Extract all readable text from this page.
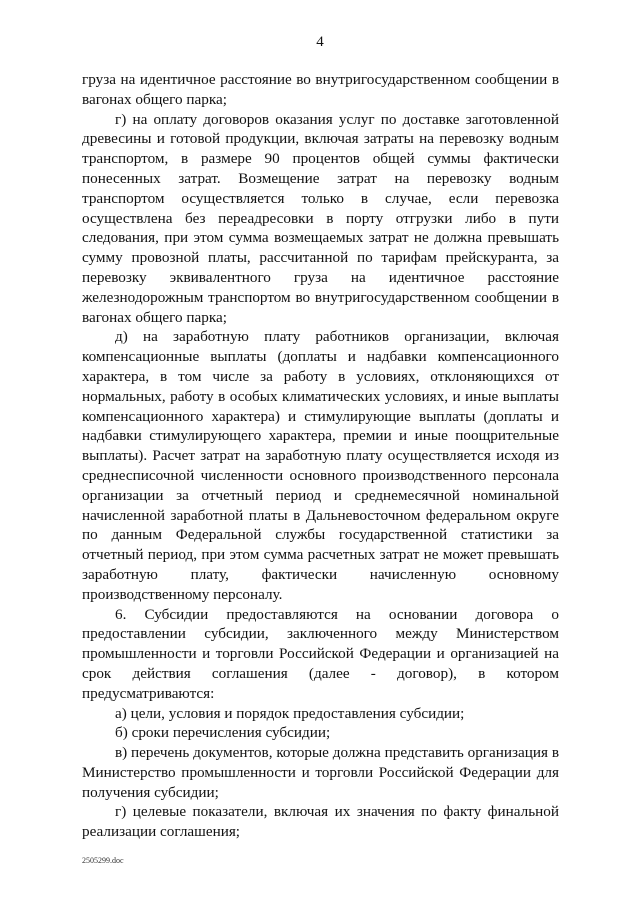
4

груза на идентичное расстояние во внутригосударственном сообщении в вагонах общего парка;

г) на оплату договоров оказания услуг по доставке заготовленной древесины и готовой продукции, включая затраты на перевозку водным транспортом, в размере 90 процентов общей суммы фактически понесенных затрат. Возмещение затрат на перевозку водным транспортом осуществляется только в случае, если перевозка осуществлена без переадресовки в порту отгрузки либо в пути следования, при этом сумма возмещаемых затрат не должна превышать сумму провозной платы, рассчитанной по тарифам прейскуранта, за перевозку эквивалентного груза на идентичное расстояние железнодорожным транспортом во внутригосударственном сообщении в вагонах общего парка;

д) на заработную плату работников организации, включая компенсационные выплаты (доплаты и надбавки компенсационного характера, в том числе за работу в условиях, отклоняющихся от нормальных, работу в особых климатических условиях, и иные выплаты компенсационного характера) и стимулирующие выплаты (доплаты и надбавки стимулирующего характера, премии и иные поощрительные выплаты). Расчет затрат на заработную плату осуществляется исходя из среднесписочной численности основного производственного персонала организации за отчетный период и среднемесячной номинальной начисленной заработной платы в Дальневосточном федеральном округе по данным Федеральной службы государственной статистики за отчетный период, при этом сумма расчетных затрат не может превышать заработную плату, фактически начисленную основному производственному персоналу.

6. Субсидии предоставляются на основании договора о предоставлении субсидии, заключенного между Министерством промышленности и торговли Российской Федерации и организацией на срок действия соглашения (далее - договор), в котором предусматриваются:

а) цели, условия и порядок предоставления субсидии;

б) сроки перечисления субсидии;

в) перечень документов, которые должна представить организация в Министерство промышленности и торговли Российской Федерации для получения субсидии;

г) целевые показатели, включая их значения по факту финальной реализации соглашения;

2505299.doc
